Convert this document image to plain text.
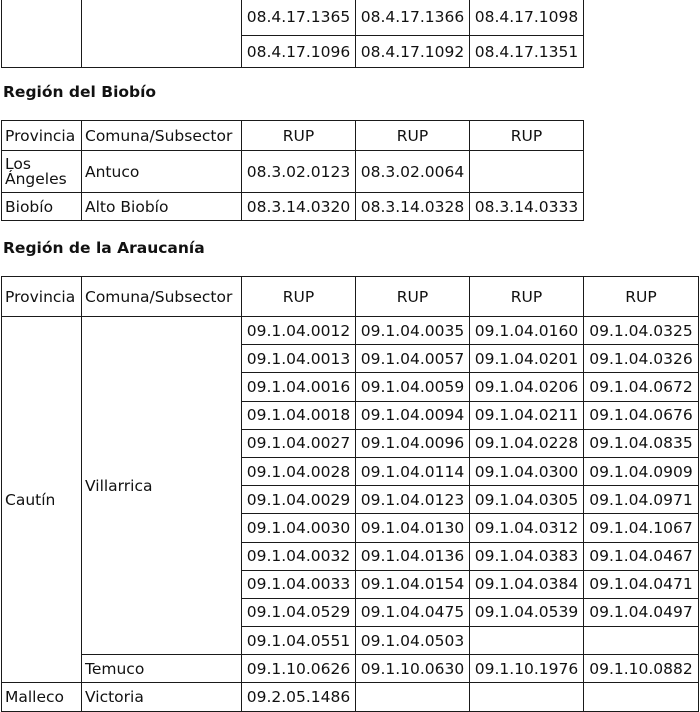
		08.4.17.1365	08.4.17.1366	08.4.17.1098
		08.4.17.1096	08.4.17.1092	08.4.17.1351
Región del Biobío
Provincia	Comuna/Subsector	RUP	RUP	RUP
Los Ángeles	Antuco	08.3.02.0123	08.3.02.0064	
Biobío	Alto Biobío	08.3.14.0320	08.3.14.0328	08.3.14.0333
Región de la Araucanía
Provincia	Comuna/Subsector	RUP	RUP	RUP	RUP
Cautín	Villarrica	09.1.04.0012	09.1.04.0035	09.1.04.0160	09.1.04.0325
		09.1.04.0013	09.1.04.0057	09.1.04.0201	09.1.04.0326
		09.1.04.0016	09.1.04.0059	09.1.04.0206	09.1.04.0672
		09.1.04.0018	09.1.04.0094	09.1.04.0211	09.1.04.0676
		09.1.04.0027	09.1.04.0096	09.1.04.0228	09.1.04.0835
		09.1.04.0028	09.1.04.0114	09.1.04.0300	09.1.04.0909
		09.1.04.0029	09.1.04.0123	09.1.04.0305	09.1.04.0971
		09.1.04.0030	09.1.04.0130	09.1.04.0312	09.1.04.1067
		09.1.04.0032	09.1.04.0136	09.1.04.0383	09.1.04.0467
		09.1.04.0033	09.1.04.0154	09.1.04.0384	09.1.04.0471
		09.1.04.0529	09.1.04.0475	09.1.04.0539	09.1.04.0497
		09.1.04.0551	09.1.04.0503		
	Temuco	09.1.10.0626	09.1.10.0630	09.1.10.1976	09.1.10.0882
Malleco	Victoria	09.2.05.1486			
